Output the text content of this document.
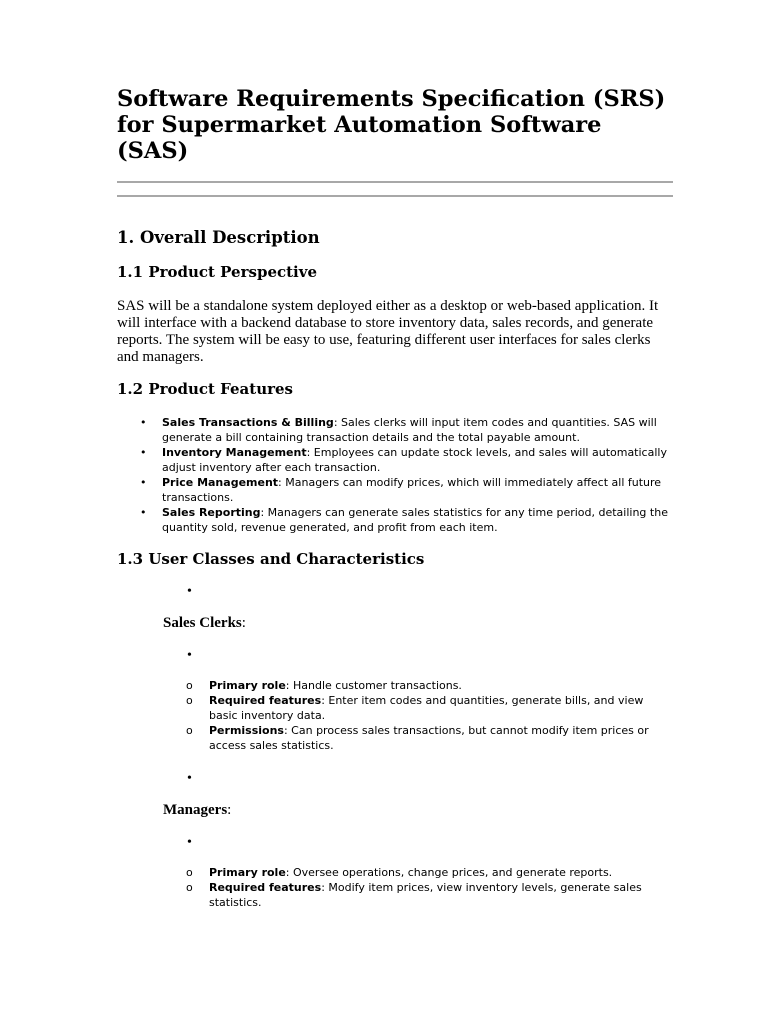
Software Requirements Specification (SRS) for Supermarket Automation Software (SAS)
1. Overall Description
1.1 Product Perspective

SAS will be a standalone system deployed either as a desktop or web-based application. It will interface with a backend database to store inventory data, sales records, and generate reports. The system will be easy to use, featuring different user interfaces for sales clerks and managers.

1.2 Product Features
• Sales Transactions & Billing: Sales clerks will input item codes and quantities. SAS will generate a bill containing transaction details and the total payable amount.
• Inventory Management: Employees can update stock levels, and sales will automatically adjust inventory after each transaction.
• Price Management: Managers can modify prices, which will immediately affect all future transactions.
• Sales Reporting: Managers can generate sales statistics for any time period, detailing the quantity sold, revenue generated, and profit from each item.
1.3 User Classes and Characteristics
•

Sales Clerks:

•
o Primary role: Handle customer transactions.
o Required features: Enter item codes and quantities, generate bills, and view basic inventory data.
o Permissions: Can process sales transactions, but cannot modify item prices or access sales statistics.
•

Managers:

•
o Primary role: Oversee operations, change prices, and generate reports.
o Required features: Modify item prices, view inventory levels, generate sales statistics.
